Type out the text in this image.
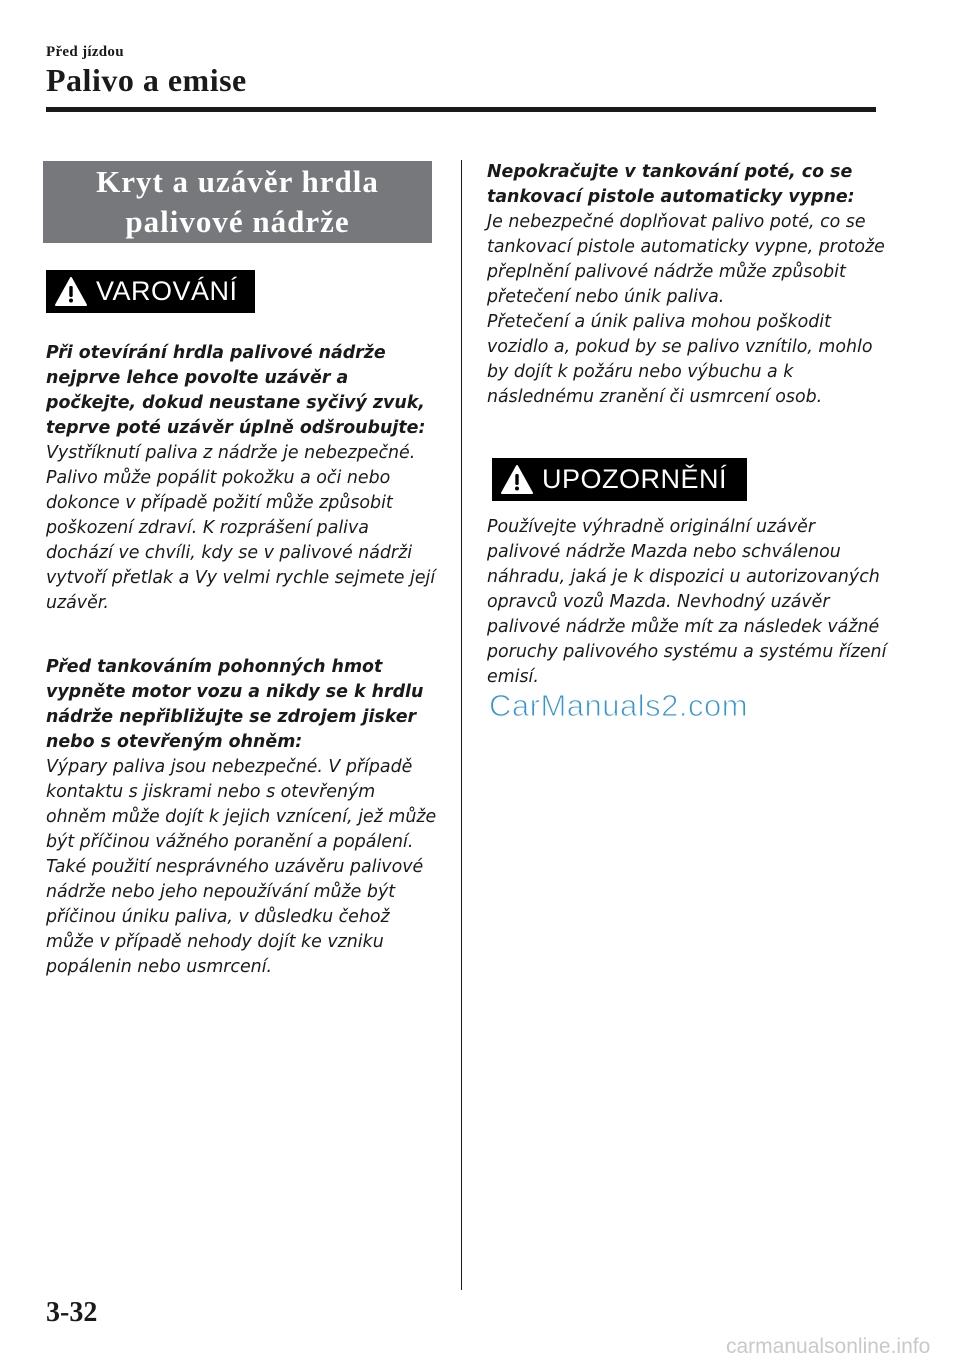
Před jízdou
Palivo a emise
Kryt a uzávěr hrdla
palivové nádrže
VAROVÁNÍ

Při otevírání hrdla palivové nádrže nejprve lehce povolte uzávěr a počkejte, dokud neustane syčivý zvuk, teprve poté uzávěr úplně odšroubujte:

Vystříknutí paliva z nádrže je nebezpečné. Palivo může popálit pokožku a oči nebo dokonce v případě požití může způsobit poškození zdraví. K rozprášení paliva dochází ve chvíli, kdy se v palivové nádrži vytvoří přetlak a Vy velmi rychle sejmete její uzávěr.

Před tankováním pohonných hmot vypněte motor vozu a nikdy se k hrdlu nádrže nepřibližujte se zdrojem jisker nebo s otevřeným ohněm:

Výpary paliva jsou nebezpečné. V případě kontaktu s jiskrami nebo s otevřeným ohněm může dojít k jejich vznícení, jež může být příčinou vážného poranění a popálení.

Také použití nesprávného uzávěru palivové nádrže nebo jeho nepoužívání může být příčinou úniku paliva, v důsledku čehož může v případě nehody dojít ke vzniku popálenin nebo usmrcení.

Nepokračujte v tankování poté, co se tankovací pistole automaticky vypne:

Je nebezpečné doplňovat palivo poté, co se tankovací pistole automaticky vypne, protože přeplnění palivové nádrže může způsobit přetečení nebo únik paliva.

Přetečení a únik paliva mohou poškodit vozidlo a, pokud by se palivo vznítilo, mohlo by dojít k požáru nebo výbuchu a k následnému zranění či usmrcení osob.

UPOZORNĚNÍ

Používejte výhradně originální uzávěr palivové nádrže Mazda nebo schválenou náhradu, jaká je k dispozici u autorizovaných opravců vozů Mazda. Nevhodný uzávěr palivové nádrže může mít za následek vážné poruchy palivového systému a systému řízení emisí.

CarManuals2.com
3-32
carmanualsonline.info
